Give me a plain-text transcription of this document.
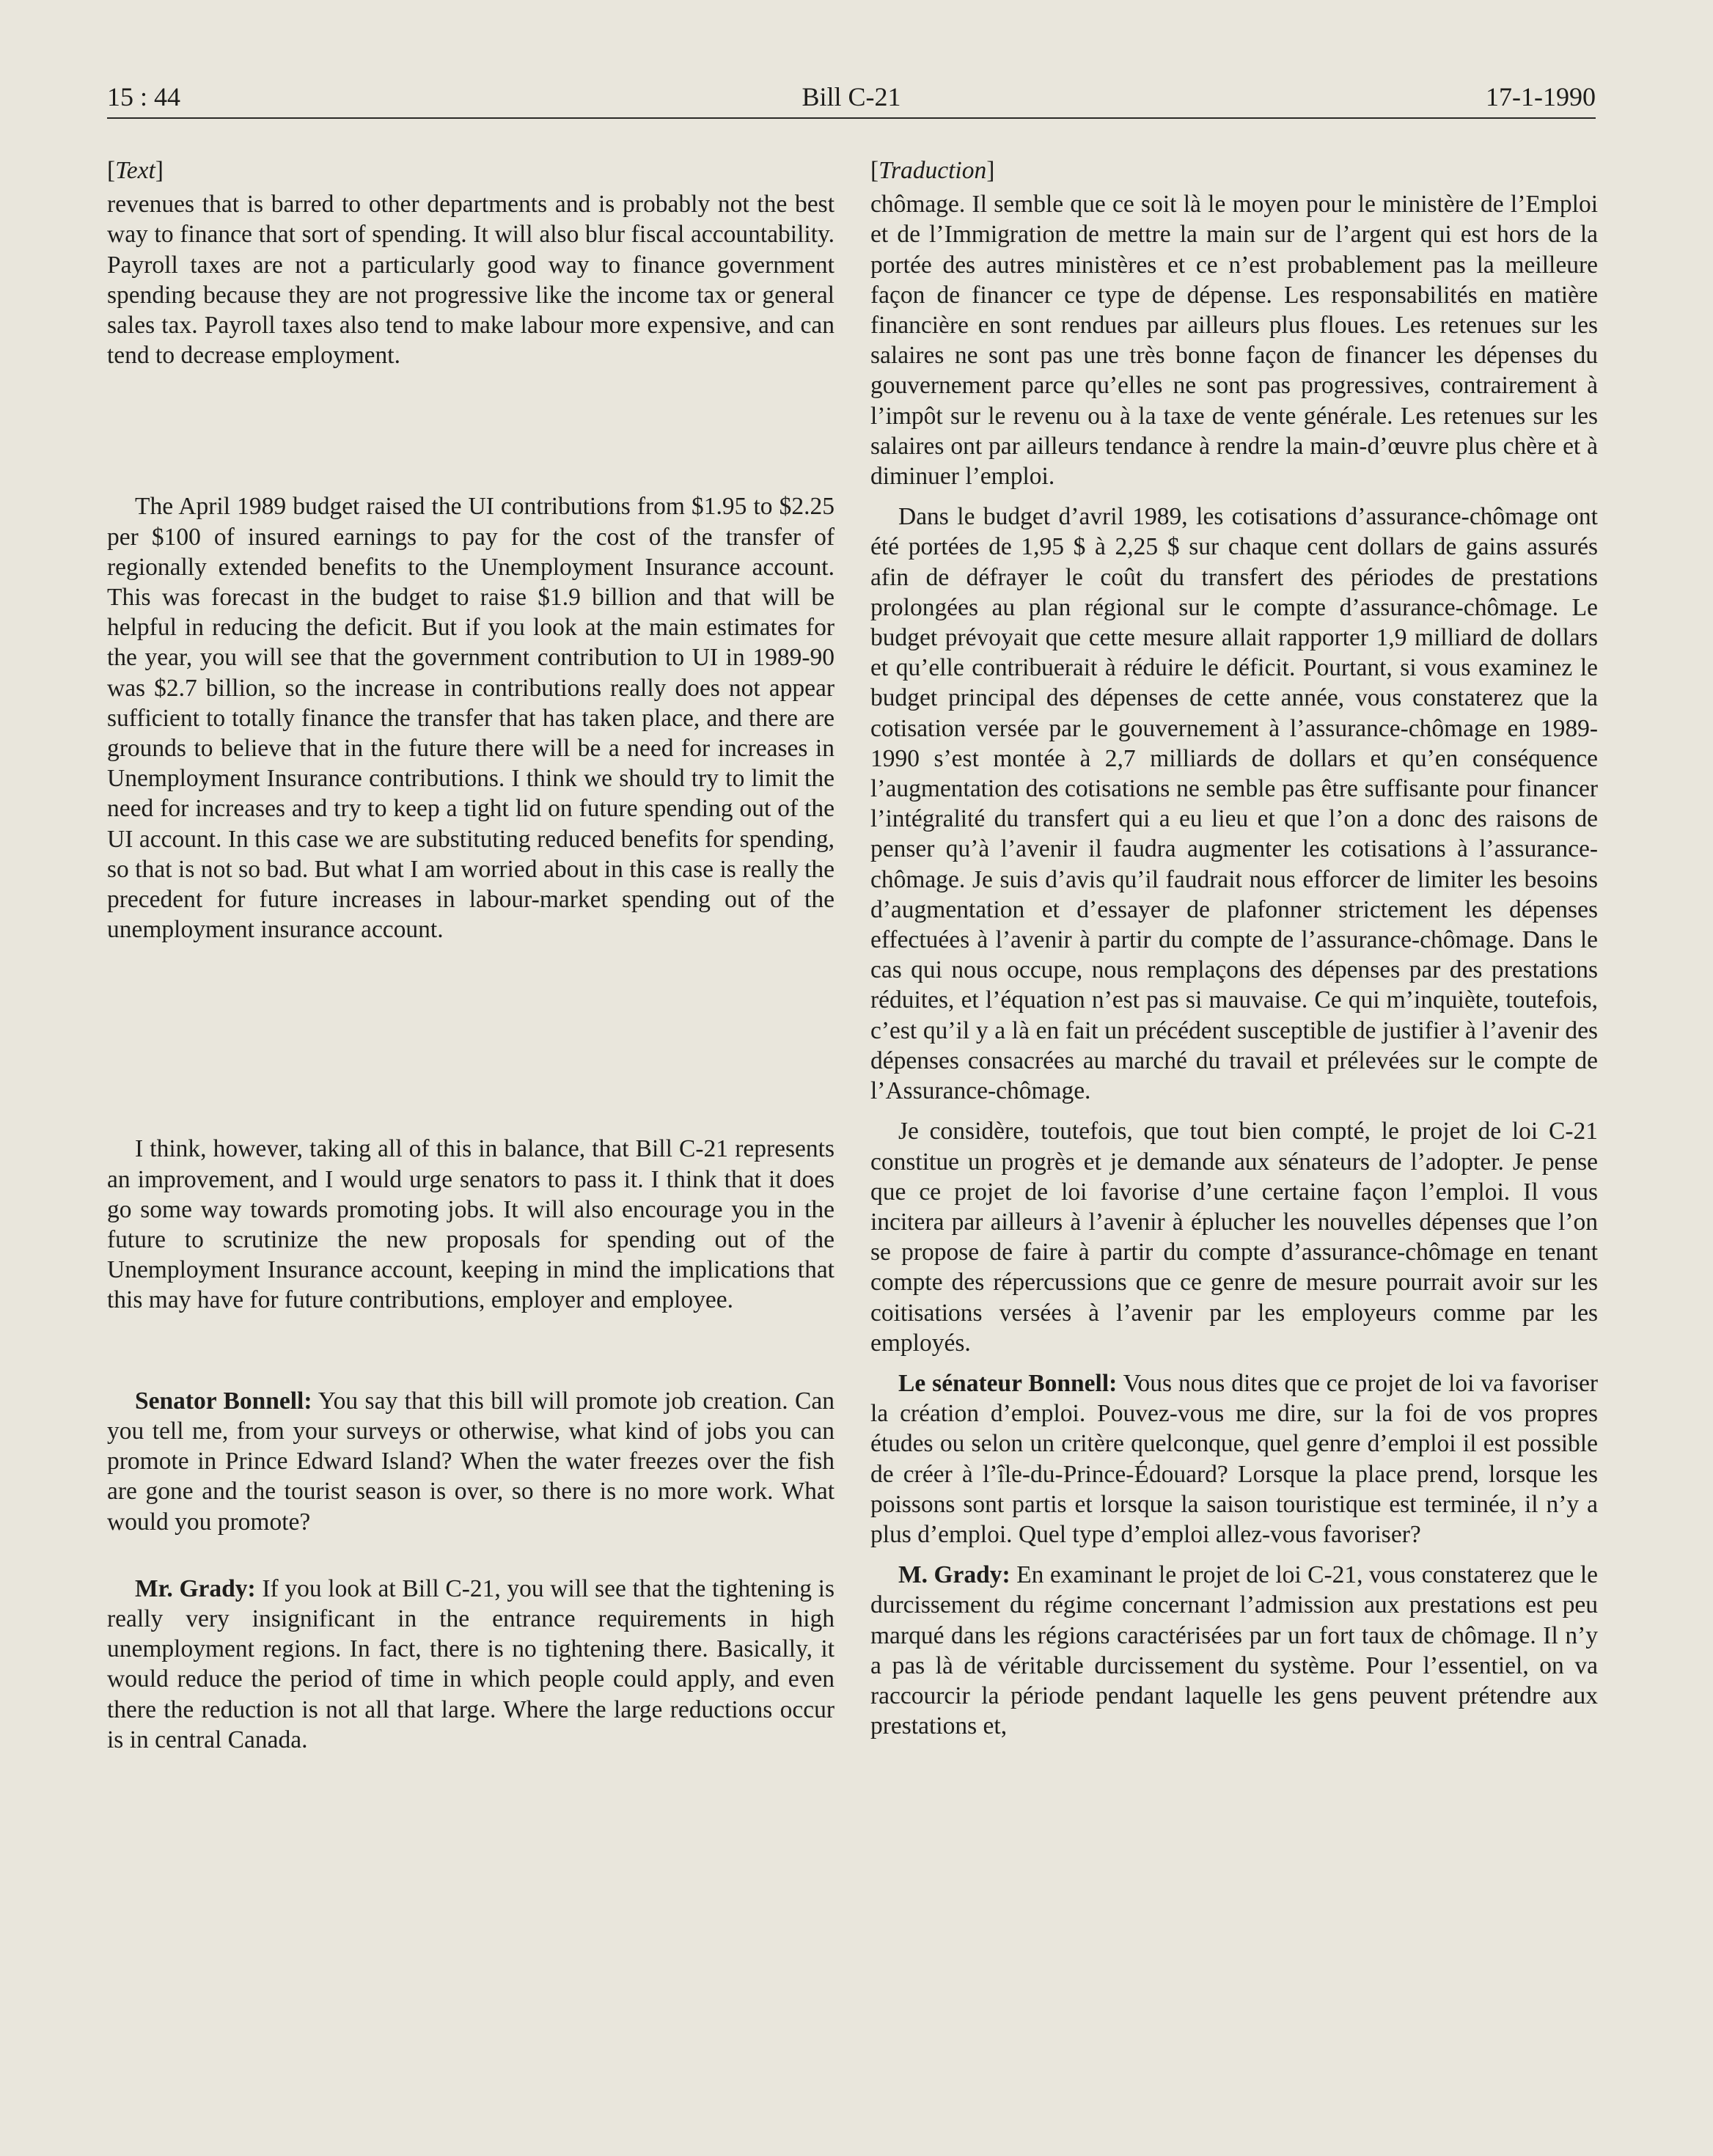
15 : 44	Bill C-21	17-1-1990

[Text]

revenues that is barred to other departments and is probably not the best way to finance that sort of spending. It will also blur fiscal accountability. Payroll taxes are not a particularly good way to finance government spending because they are not progressive like the income tax or general sales tax. Payroll taxes also tend to make labour more expensive, and can tend to decrease employment.

The April 1989 budget raised the UI contributions from $1.95 to $2.25 per $100 of insured earnings to pay for the cost of the transfer of regionally extended benefits to the Unemployment Insurance account. This was forecast in the budget to raise $1.9 billion and that will be helpful in reducing the deficit. But if you look at the main estimates for the year, you will see that the government contribution to UI in 1989-90 was $2.7 billion, so the increase in contributions really does not appear sufficient to totally finance the transfer that has taken place, and there are grounds to believe that in the future there will be a need for increases in Unemployment Insurance contributions. I think we should try to limit the need for increases and try to keep a tight lid on future spending out of the UI account. In this case we are substituting reduced benefits for spending, so that is not so bad. But what I am worried about in this case is really the precedent for future increases in labour-market spending out of the unemployment insurance account.

I think, however, taking all of this in balance, that Bill C-21 represents an improvement, and I would urge senators to pass it. I think that it does go some way towards promoting jobs. It will also encourage you in the future to scrutinize the new proposals for spending out of the Unemployment Insurance account, keeping in mind the implications that this may have for future contributions, employer and employee.

Senator Bonnell: You say that this bill will promote job creation. Can you tell me, from your surveys or otherwise, what kind of jobs you can promote in Prince Edward Island? When the water freezes over the fish are gone and the tourist season is over, so there is no more work. What would you promote?

Mr. Grady: If you look at Bill C-21, you will see that the tightening is really very insignificant in the entrance requirements in high unemployment regions. In fact, there is no tightening there. Basically, it would reduce the period of time in which people could apply, and even there the reduction is not all that large. Where the large reductions occur is in central Canada.

[Traduction]

chômage. Il semble que ce soit là le moyen pour le ministère de l’Emploi et de l’Immigration de mettre la main sur de l’argent qui est hors de la portée des autres ministères et ce n’est probablement pas la meilleure façon de financer ce type de dépense. Les responsabilités en matière financière en sont rendues par ailleurs plus floues. Les retenues sur les salaires ne sont pas une très bonne façon de financer les dépenses du gouvernement parce qu’elles ne sont pas progressives, contrairement à l’impôt sur le revenu ou à la taxe de vente générale. Les retenues sur les salaires ont par ailleurs tendance à rendre la main-d’œuvre plus chère et à diminuer l’emploi.

Dans le budget d’avril 1989, les cotisations d’assurance-chômage ont été portées de 1,95 $ à 2,25 $ sur chaque cent dollars de gains assurés afin de défrayer le coût du transfert des périodes de prestations prolongées au plan régional sur le compte d’assurance-chômage. Le budget prévoyait que cette mesure allait rapporter 1,9 milliard de dollars et qu’elle contribuerait à réduire le déficit. Pourtant, si vous examinez le budget principal des dépenses de cette année, vous constaterez que la cotisation versée par le gouvernement à l’assurance-chômage en 1989-1990 s’est montée à 2,7 milliards de dollars et qu’en conséquence l’augmentation des cotisations ne semble pas être suffisante pour financer l’intégralité du transfert qui a eu lieu et que l’on a donc des raisons de penser qu’à l’avenir il faudra augmenter les cotisations à l’assurance-chômage. Je suis d’avis qu’il faudrait nous efforcer de limiter les besoins d’augmentation et d’essayer de plafonner strictement les dépenses effectuées à l’avenir à partir du compte de l’assurance-chômage. Dans le cas qui nous occupe, nous remplaçons des dépenses par des prestations réduites, et l’équation n’est pas si mauvaise. Ce qui m’inquiète, toutefois, c’est qu’il y a là en fait un précédent susceptible de justifier à l’avenir des dépenses consacrées au marché du travail et prélevées sur le compte de l’Assurance-chômage.

Je considère, toutefois, que tout bien compté, le projet de loi C-21 constitue un progrès et je demande aux sénateurs de l’adopter. Je pense que ce projet de loi favorise d’une certaine façon l’emploi. Il vous incitera par ailleurs à l’avenir à éplucher les nouvelles dépenses que l’on se propose de faire à partir du compte d’assurance-chômage en tenant compte des répercussions que ce genre de mesure pourrait avoir sur les coitisations versées à l’avenir par les employeurs comme par les employés.

Le sénateur Bonnell: Vous nous dites que ce projet de loi va favoriser la création d’emploi. Pouvez-vous me dire, sur la foi de vos propres études ou selon un critère quelconque, quel genre d’emploi il est possible de créer à l’île-du-Prince-Édouard? Lorsque la place prend, lorsque les poissons sont partis et lorsque la saison touristique est terminée, il n’y a plus d’emploi. Quel type d’emploi allez-vous favoriser?

M. Grady: En examinant le projet de loi C-21, vous constaterez que le durcissement du régime concernant l’admission aux prestations est peu marqué dans les régions caractérisées par un fort taux de chômage. Il n’y a pas là de véritable durcissement du système. Pour l’essentiel, on va raccourcir la période pendant laquelle les gens peuvent prétendre aux prestations et,
